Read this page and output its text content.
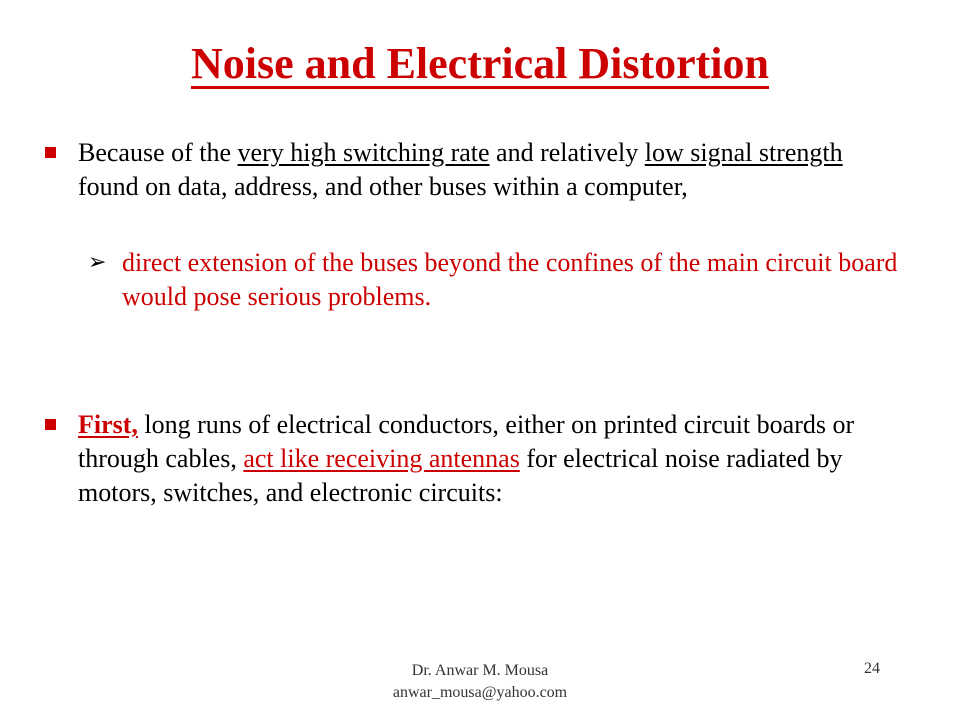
Noise and Electrical Distortion
Because of the very high switching rate and relatively low signal strength found on data, address, and other buses within a computer,
➢ direct extension of the buses beyond the confines of the main circuit board would pose serious problems.
First, long runs of electrical conductors, either on printed circuit boards or through cables, act like receiving antennas for electrical noise radiated by motors, switches, and electronic circuits:
Dr. Anwar M. Mousa
anwar_mousa@yahoo.com
24
